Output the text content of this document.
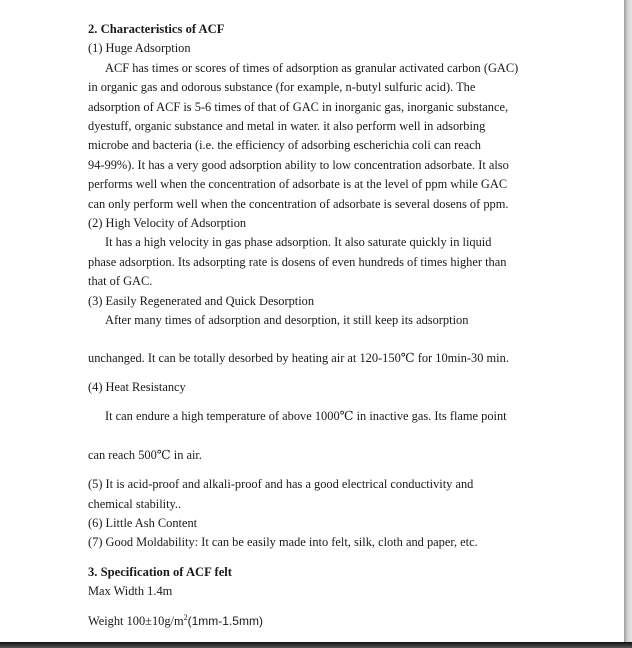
2. Characteristics of ACF

(1) Huge Adsorption

ACF has times or scores of times of adsorption as granular activated carbon (GAC)

in organic gas and odorous substance (for example, n-butyl sulfuric acid). The

adsorption of ACF is 5-6 times of that of GAC in inorganic gas, inorganic substance,

dyestuff, organic substance and metal in water. it also perform well in adsorbing

microbe and bacteria (i.e. the efficiency of adsorbing escherichia coli can reach

94-99%). It has a very good adsorption ability to low concentration adsorbate. It also

performs well when the concentration of adsorbate is at the level of ppm while GAC

can only perform well when the concentration of adsorbate is several dosens of ppm.

(2) High Velocity of Adsorption

It has a high velocity in gas phase adsorption. It also saturate quickly in liquid

phase adsorption. Its adsorpting rate is dosens of even hundreds of times higher than

that of GAC.

(3) Easily Regenerated and Quick Desorption

After many times of adsorption and desorption, it still keep its adsorption

unchanged. It can be totally desorbed by heating air at 120-150℃ for 10min-30 min.

(4) Heat Resistancy

It can endure a high temperature of above 1000℃ in inactive gas. Its flame point

can reach 500℃ in air.

(5) It is acid-proof and alkali-proof and has a good electrical conductivity and

chemical stability..

(6) Little Ash Content

(7) Good Moldability: It can be easily made into felt, silk, cloth and paper, etc.

3. Specification of ACF felt

Max Width 1.4m

Weight $100\pm 10g/m^2(1mm-1.5mm)$
